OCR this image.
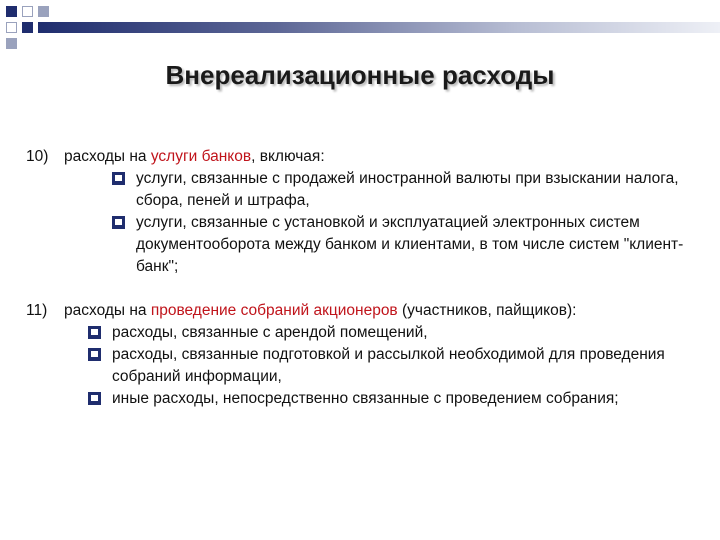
Внереализационные расходы
10) расходы на услуги банков, включая:
услуги, связанные с продажей иностранной валюты при взыскании налога, сбора, пеней и штрафа,
услуги, связанные с установкой и эксплуатацией электронных систем документооборота между банком и клиентами, в том числе систем "клиент-банк";
11)	расходы на проведение собраний акционеров (участников, пайщиков):
расходы, связанные с арендой помещений,
расходы, связанные подготовкой и рассылкой необходимой для проведения собраний информации,
иные расходы, непосредственно связанные с проведением собрания;
